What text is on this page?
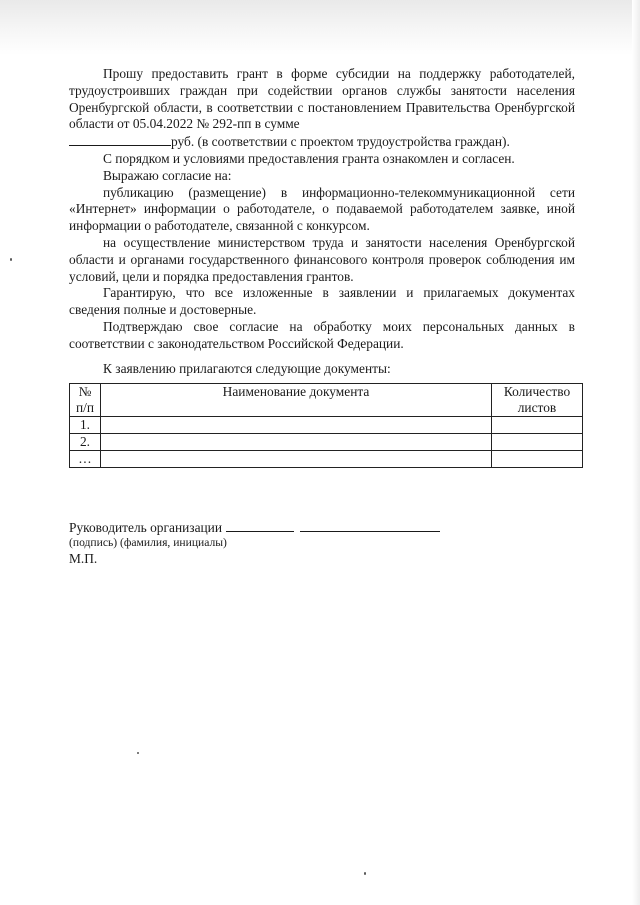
Прошу предоставить грант в форме субсидии на поддержку работодателей, трудоустроивших граждан при содействии органов службы занятости населения Оренбургской области, в соответствии с постановлением Правительства Оренбургской области от 05.04.2022 № 292-пп в сумме
руб. (в соответствии с проектом трудоустройства граждан).

С порядком и условиями предоставления гранта ознакомлен и согласен.

Выражаю согласие на:

публикацию (размещение) в информационно-телекоммуникационной сети «Интернет» информации о работодателе, о подаваемой работодателем заявке, иной информации о работодателе, связанной с конкурсом.

на осуществление министерством труда и занятости населения Оренбургской области и органами государственного финансового контроля проверок соблюдения им условий, цели и порядка предоставления грантов.

Гарантирую, что все изложенные в заявлении и прилагаемых документах сведения полные и достоверные.

Подтверждаю свое согласие на обработку моих персональных данных в соответствии с законодательством Российской Федерации.

К заявлению прилагаются следующие документы:

№ п/п	Наименование документа	Количество листов
1.		
2.		
…		
Руководитель организации
(подпись) (фамилия, инициалы)
М.П.
